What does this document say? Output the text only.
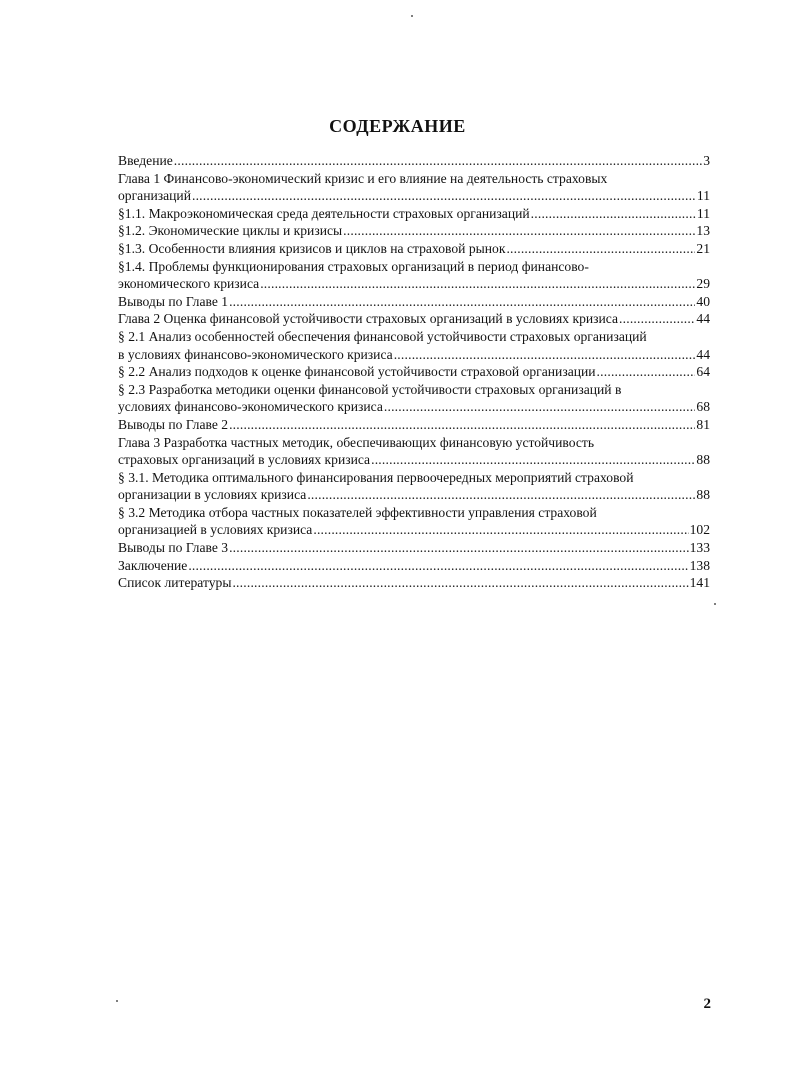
СОДЕРЖАНИЕ
Введение .....	3
Глава 1 Финансово-экономический кризис и его влияние на деятельность страховых
организаций .....	11
§1.1. Макроэкономическая среда деятельности страховых организаций .....	11
§1.2. Экономические циклы и кризисы .....	13
§1.3. Особенности влияния кризисов и циклов на страховой рынок .....	21
§1.4. Проблемы функционирования страховых организаций в период финансово-
экономического кризиса .....	29
Выводы по Главе 1 .....	40
Глава 2 Оценка финансовой устойчивости страховых организаций в условиях кризиса .....	44
§ 2.1 Анализ особенностей обеспечения финансовой устойчивости страховых организаций
в условиях финансово-экономического кризиса .....	44
§ 2.2 Анализ подходов к оценке финансовой устойчивости страховой организации .....	64
§ 2.3 Разработка методики оценки финансовой устойчивости страховых организаций в
условиях финансово-экономического кризиса .....	68
Выводы по Главе 2 .....	81
Глава 3 Разработка частных методик, обеспечивающих финансовую устойчивость
страховых организаций в условиях кризиса .....	88
§ 3.1. Методика оптимального финансирования первоочередных мероприятий страховой
организации в условиях кризиса .....	88
§ 3.2 Методика отбора частных показателей эффективности управления страховой
организацией в условиях кризиса .....	102
Выводы по Главе 3 .....	133
Заключение .....	138
Список литературы .....	141
2
